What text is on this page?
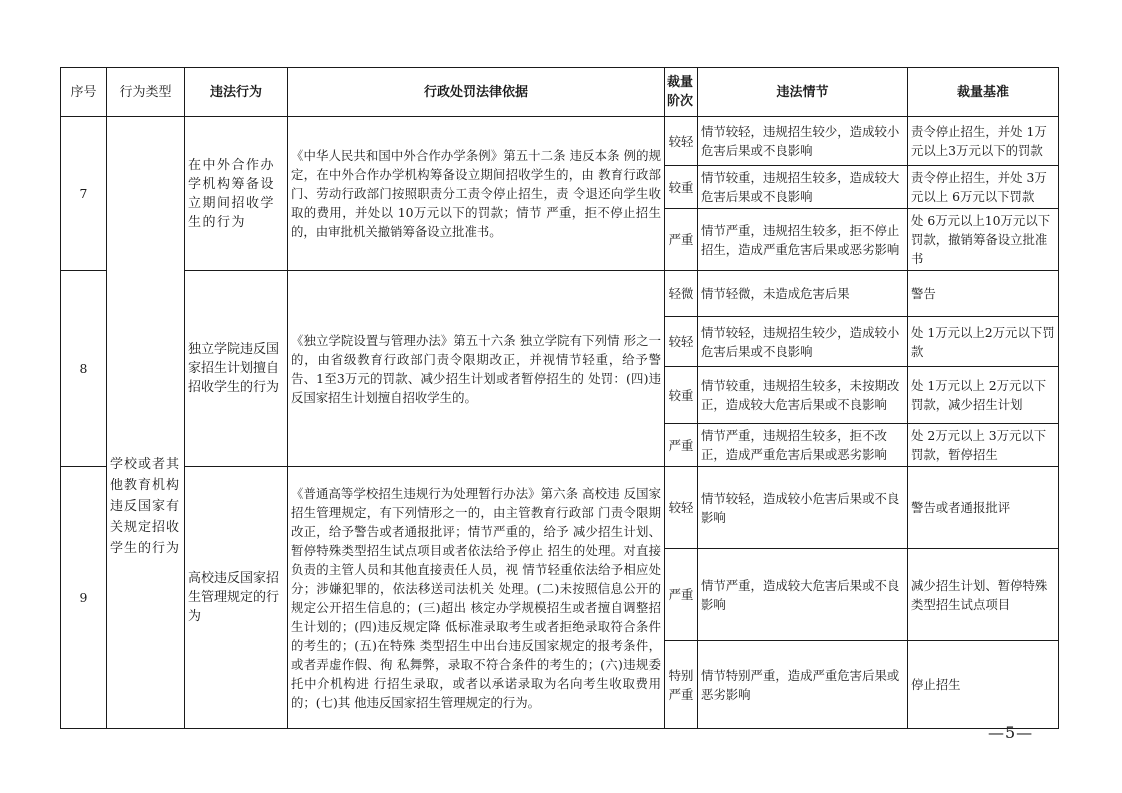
序号	行为类型	违法行为	行政处罚法律依据	裁量阶次	违法情节	裁量基准
7	学校或者其他教育机构违反国家有关规定招收学生的行为	在中外合作办学机构筹备设立期间招收学生的行为	《中华人民共和国中外合作办学条例》第五十二条 违反本条 例的规定，在中外合作办学机构筹备设立期间招收学生的，由 教育行政部门、劳动行政部门按照职责分工责令停止招生，责 令退还向学生收取的费用，并处以 10万元以下的罚款；情节 严重，拒不停止招生的，由审批机关撤销筹备设立批准书。	较轻	情节较轻，违规招生较少，造成较小危害后果或不良影响	责令停止招生，并处 1万元以上3万元以下的罚款
				较重	情节较重，违规招生较多，造成较大危害后果或不良影响	责令停止招生，并处 3万元以上 6万元以下罚款
				严重	情节严重，违规招生较多，拒不停止招生，造成严重危害后果或恶劣影响	处 6万元以上10万元以下罚款，撤销筹备设立批准书
8		独立学院违反国 家招生计划擅自 招收学生的行为	《独立学院设置与管理办法》第五十六条 独立学院有下列情 形之一的，由省级教育行政部门责令限期改正，并视情节轻重，给予警告、1至3万元的罚款、减少招生计划或者暂停招生的 处罚：(四)违反国家招生计划擅自招收学生的。	轻微	情节轻微，未造成危害后果	警告
				较轻	情节较轻，违规招生较少，造成较小危害后果或不良影响	处 1万元以上2万元以下罚款
				较重	情节较重，违规招生较多，未按期改正，造成较大危害后果或不良影响	处 1万元以上 2万元以下罚款，减少招生计划
				严重	情节严重，违规招生较多，拒不改正，造成严重危害后果或恶劣影响	处 2万元以上 3万元以下罚款，暂停招生
9		高校违反国家招 生管理规定的行 为	《普通高等学校招生违规行为处理暂行办法》第六条 高校违 反国家招生管理规定，有下列情形之一的，由主管教育行政部 门责令限期改正，给予警告或者通报批评；情节严重的，给予 减少招生计划、暂停特殊类型招生试点项目或者依法给予停止 招生的处理。对直接负责的主管人员和其他直接责任人员，视 情节轻重依法给予相应处分；涉嫌犯罪的，依法移送司法机关 处理。(二)未按照信息公开的规定公开招生信息的；(三)超出 核定办学规模招生或者擅自调整招生计划的；(四)违反规定降 低标准录取考生或者拒绝录取符合条件的考生的；(五)在特殊 类型招生中出台违反国家规定的报考条件，或者弄虚作假、徇 私舞弊，录取不符合条件的考生的；(六)违规委托中介机构进 行招生录取，或者以承诺录取为名向考生收取费用的；(七)其 他违反国家招生管理规定的行为。	较轻	情节较轻，造成较小危害后果或不良影响	警告或者通报批评
				严重	情节严重，造成较大危害后果或不良影响	减少招生计划、暂停特殊类型招生试点项目
				特别严重	情节特别严重，造成严重危害后果或恶劣影响	停止招生
—5—
